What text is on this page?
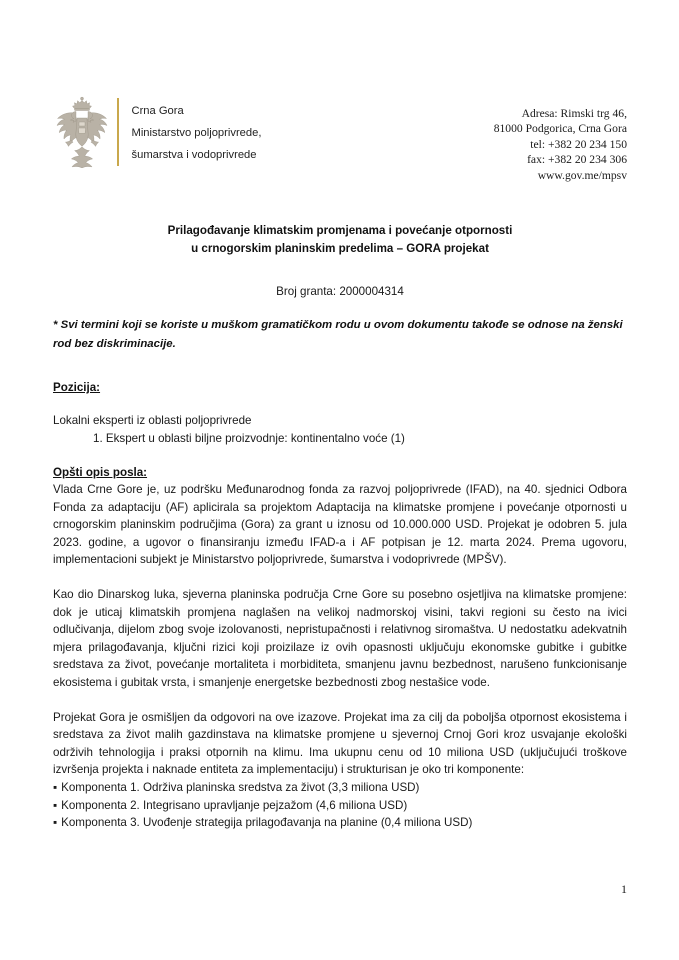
Crna Gora
Ministarstvo poljoprivrede,
šumarstva i vodoprivrede
Adresa: Rimski trg 46,
81000 Podgorica, Crna Gora
tel: +382 20 234 150
fax: +382 20 234 306
www.gov.me/mpsv
Prilagođavanje klimatskim promjenama i povećanje otpornosti
u crnogorskim planinskim predelima – GORA projekat
Broj granta: 2000004314

* Svi termini koji se koriste u muškom gramatičkom rodu u ovom dokumentu takođe se odnose na ženski rod bez diskriminacije.

Pozicija:

Lokalni eksperti iz oblasti poljoprivrede

1. Ekspert u oblasti biljne proizvodnje: kontinentalno voće (1)

Opšti opis posla:

Vlada Crne Gore je, uz podršku Međunarodnog fonda za razvoj poljoprivrede (IFAD), na 40. sjednici Odbora Fonda za adaptaciju (AF) aplicirala sa projektom Adaptacija na klimatske promjene i povećanje otpornosti u crnogorskim planinskim područjima (Gora) za grant u iznosu od 10.000.000 USD. Projekat je odobren 5. jula 2023. godine, a ugovor o finansiranju između IFAD-a i AF potpisan je 12. marta 2024. Prema ugovoru, implementacioni subjekt je Ministarstvo poljoprivrede, šumarstva i vodoprivrede (MPŠV).

Kao dio Dinarskog luka, sjeverna planinska područja Crne Gore su posebno osjetljiva na klimatske promjene: dok je uticaj klimatskih promjena naglašen na velikoj nadmorskoj visini, takvi regioni su često na ivici odlučivanja, dijelom zbog svoje izolovanosti, nepristupačnosti i relativnog siromaštva. U nedostatku adekvatnih mjera prilagođavanja, ključni rizici koji proizilaze iz ovih opasnosti uključuju ekonomske gubitke i gubitke sredstava za život, povećanje mortaliteta i morbiditeta, smanjenu javnu bezbednost, narušeno funkcionisanje ekosistema i gubitak vrsta, i smanjenje energetske bezbednosti zbog nestašice vode.

Projekat Gora je osmišljen da odgovori na ove izazove. Projekat ima za cilj da poboljša otpornost ekosistema i sredstava za život malih gazdinstava na klimatske promjene u sjevernoj Crnoj Gori kroz usvajanje ekološki održivih tehnologija i praksi otpornih na klimu. Ima ukupnu cenu od 10 miliona USD (uključujući troškove izvršenja projekta i naknade entiteta za implementaciju) i strukturisan je oko tri komponente:

▪ Komponenta 1. Održiva planinska sredstva za život (3,3 miliona USD)
▪ Komponenta 2. Integrisano upravljanje pejzažom (4,6 miliona USD)
▪ Komponenta 3. Uvođenje strategija prilagođavanja na planine (0,4 miliona USD)
1
